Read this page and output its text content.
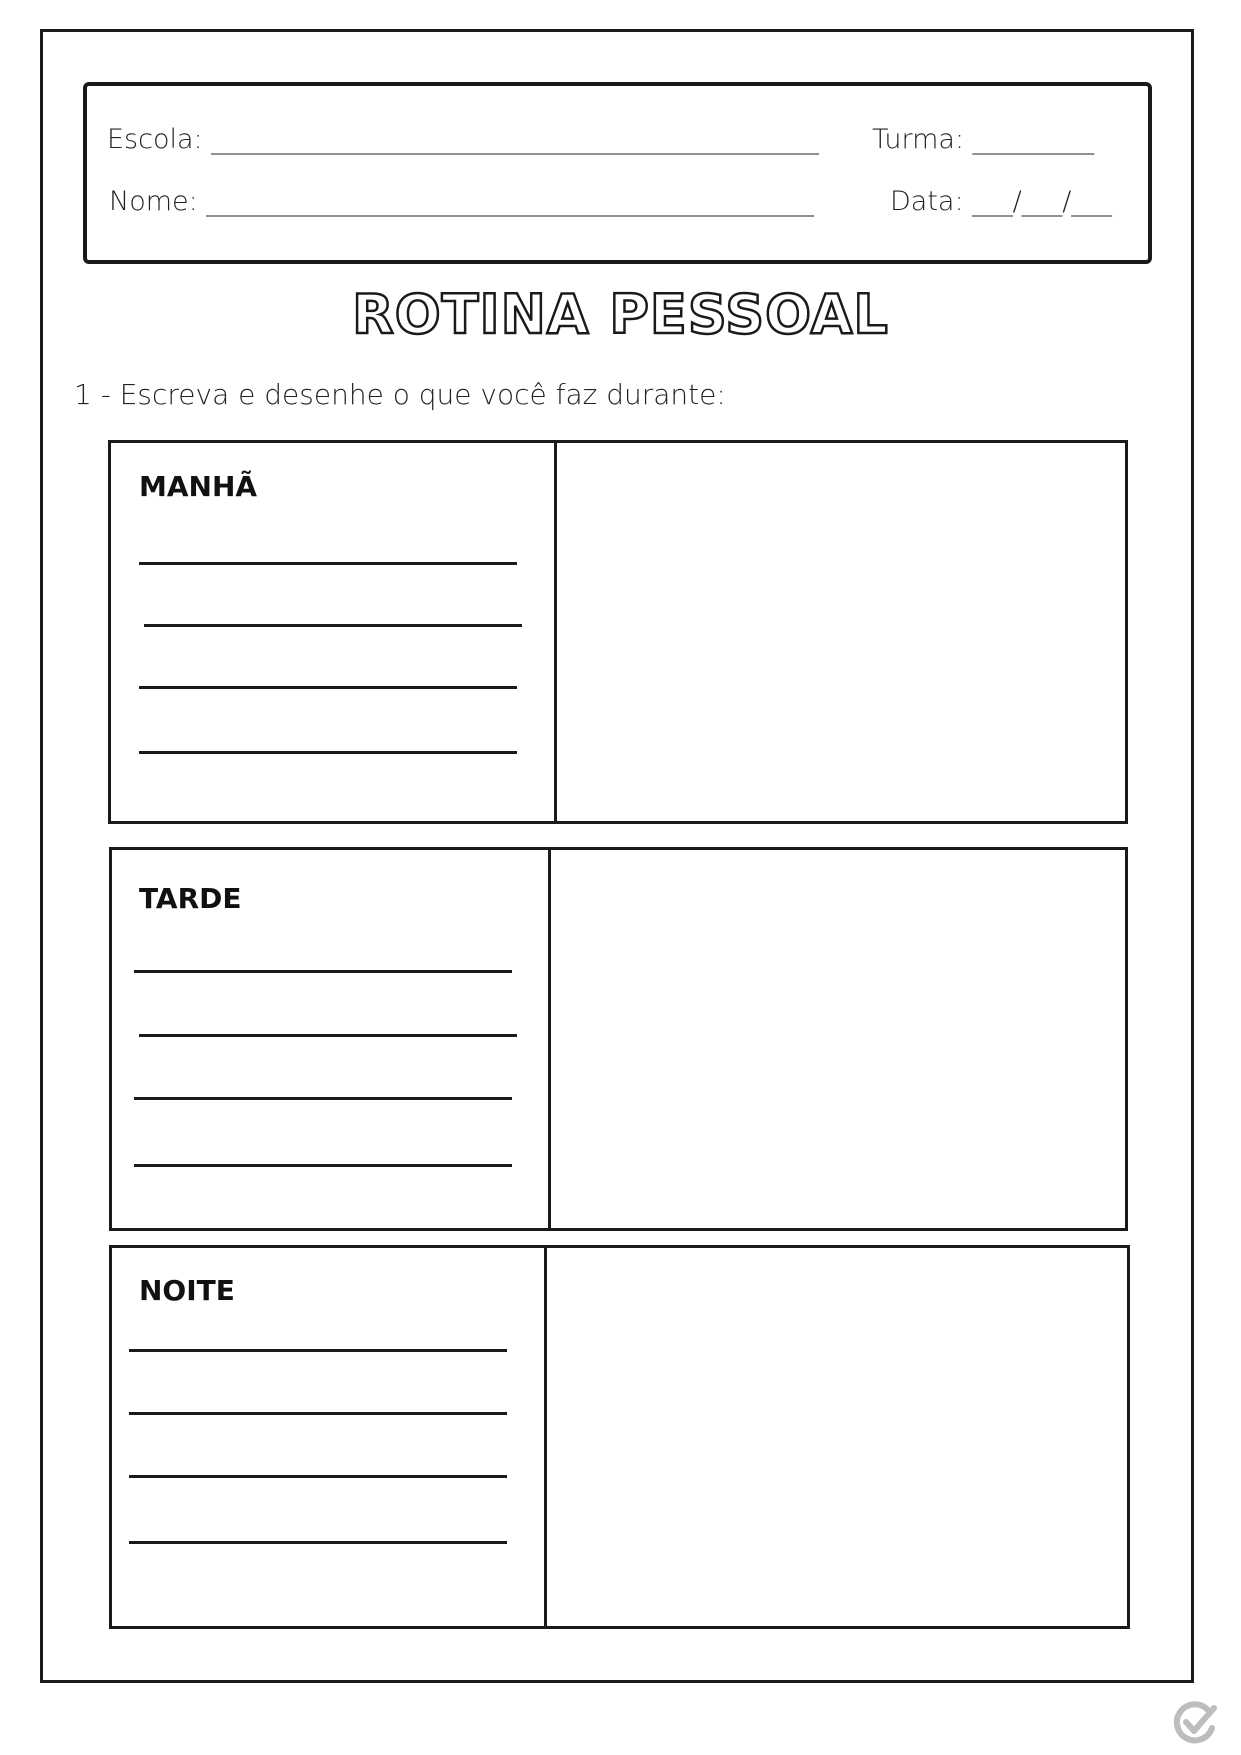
Escola: _____________________________________________ Turma: _________
Nome: _____________________________________________	Data: ___/___/___
ROTINA PESSOAL
1 - Escreva e desenhe o que você faz durante:
MANHÃ
TARDE
NOITE
